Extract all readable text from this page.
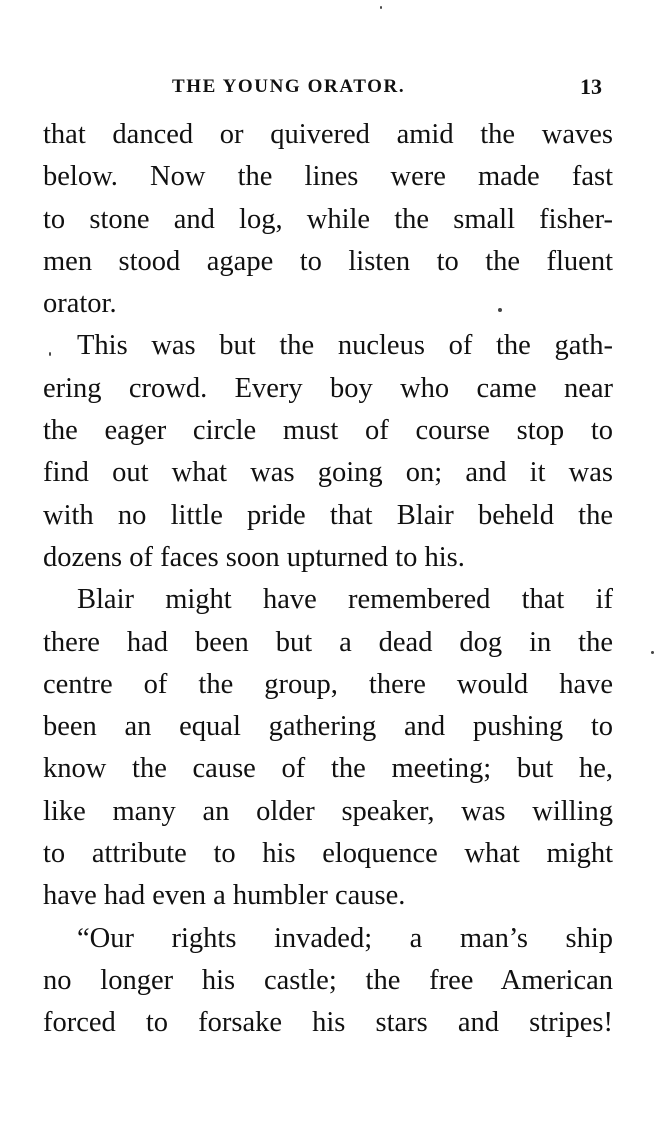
THE YOUNG ORATOR.	13
that danced or quivered amid the waves
below. Now the lines were made fast
to stone and log, while the small fisher-
men stood agape to listen to the fluent
orator.
This was but the nucleus of the gath-
ering crowd. Every boy who came near
the eager circle must of course stop to
find out what was going on; and it was
with no little pride that Blair beheld the
dozens of faces soon upturned to his.
Blair might have remembered that if
there had been but a dead dog in the
centre of the group, there would have
been an equal gathering and pushing to
know the cause of the meeting; but he,
like many an older speaker, was willing
to attribute to his eloquence what might
have had even a humbler cause.
“Our rights invaded; a man’s ship
no longer his castle; the free American
forced to forsake his stars and stripes!
